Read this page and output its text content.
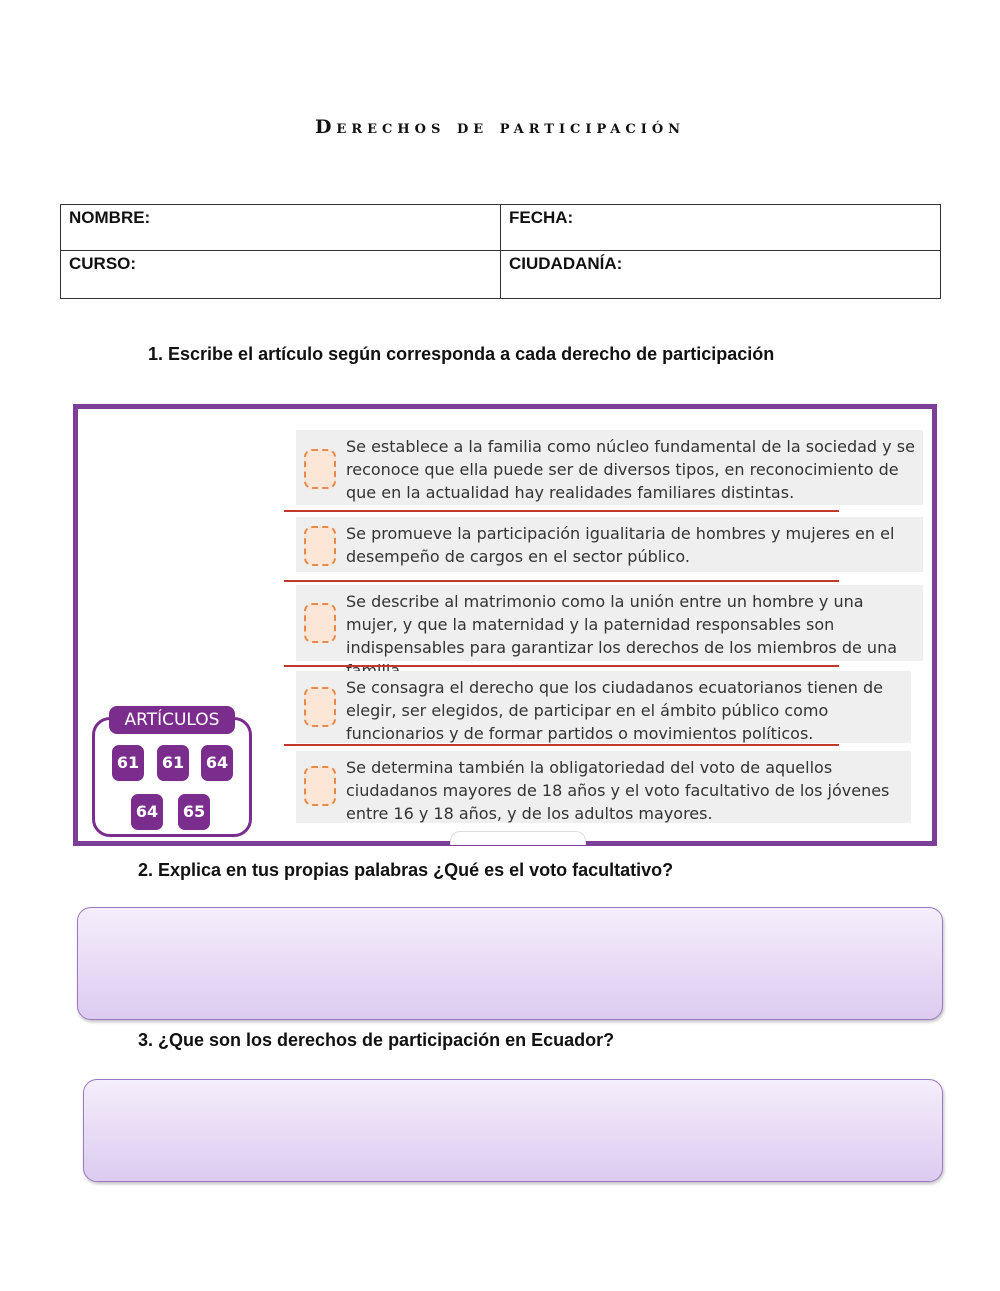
Derechos de participación
NOMBRE:	FECHA:
CURSO:	CIUDADANÍA:
1. Escribe el artículo según corresponda a cada derecho de participación
Se establece a la familia como núcleo fundamental de la sociedad y se reconoce que ella puede ser de diversos tipos, en reconocimiento de que en la actualidad hay realidades familiares distintas.
Se promueve la participación igualitaria de hombres y mujeres en el desempeño de cargos en el sector público.
Se describe al matrimonio como la unión entre un hombre y una mujer, y que la maternidad y la paternidad responsables son indispensables para garantizar los derechos de los miembros de una
Se consagra el derecho que los ciudadanos ecuatorianos tienen de elegir, ser elegidos, de participar en el ámbito público como funcionarios y de formar partidos o movimientos políticos.
Se determina también la obligatoriedad del voto de aquellos ciudadanos mayores de 18 años y el voto facultativo de los jóvenes entre 16 y 18 años, y de los adultos mayores.
ARTÍCULOS
61	61	64
64	65
2. Explica en tus propias palabras ¿Qué es el voto facultativo?
3. ¿Que son los derechos de participación en Ecuador?
